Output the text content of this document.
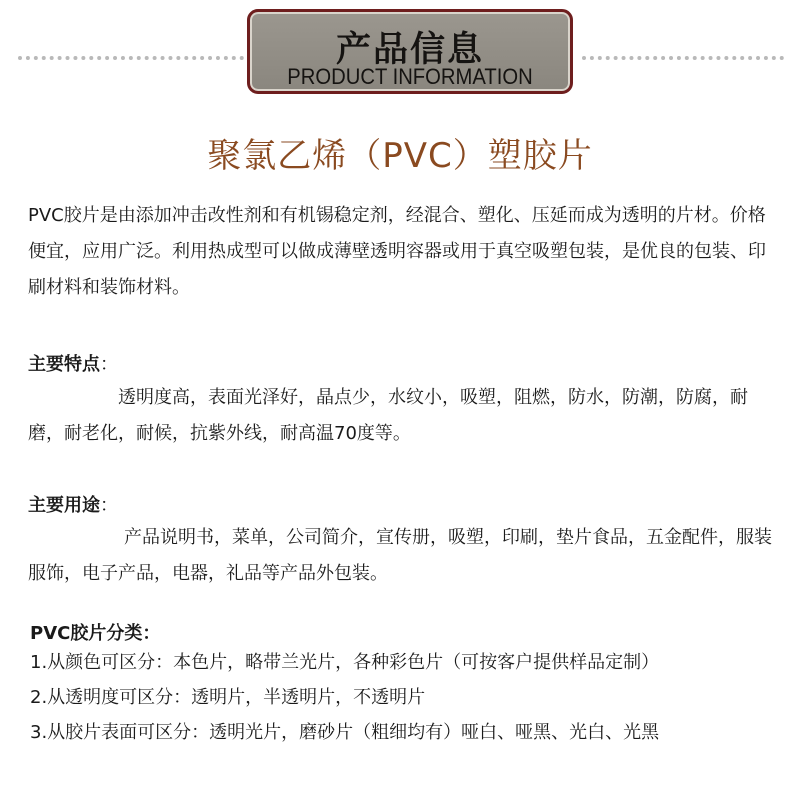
产品信息
PRODUCT INFORMATION
聚氯乙烯（PVC）塑胶片

PVC胶片是由添加冲击改性剂和有机锡稳定剂，经混合、塑化、压延而成为透明的片材。价格便宜，应用广泛。利用热成型可以做成薄壁透明容器或用于真空吸塑包装，是优良的包装、印刷材料和装饰材料。

主要特点：

透明度高，表面光泽好，晶点少，水纹小，吸塑，阻燃，防水，防潮，防腐，耐磨，耐老化，耐候，抗紫外线，耐高温70度等。

主要用途：

产品说明书，菜单，公司简介，宣传册，吸塑，印刷，垫片食品，五金配件，服装服饰，电子产品，电器，礼品等产品外包装。

PVC胶片分类：

1.从颜色可区分：本色片，略带兰光片，各种彩色片（可按客户提供样品定制）
2.从透明度可区分：透明片，半透明片，不透明片
3.从胶片表面可区分：透明光片，磨砂片（粗细均有）哑白、哑黑、光白、光黑
